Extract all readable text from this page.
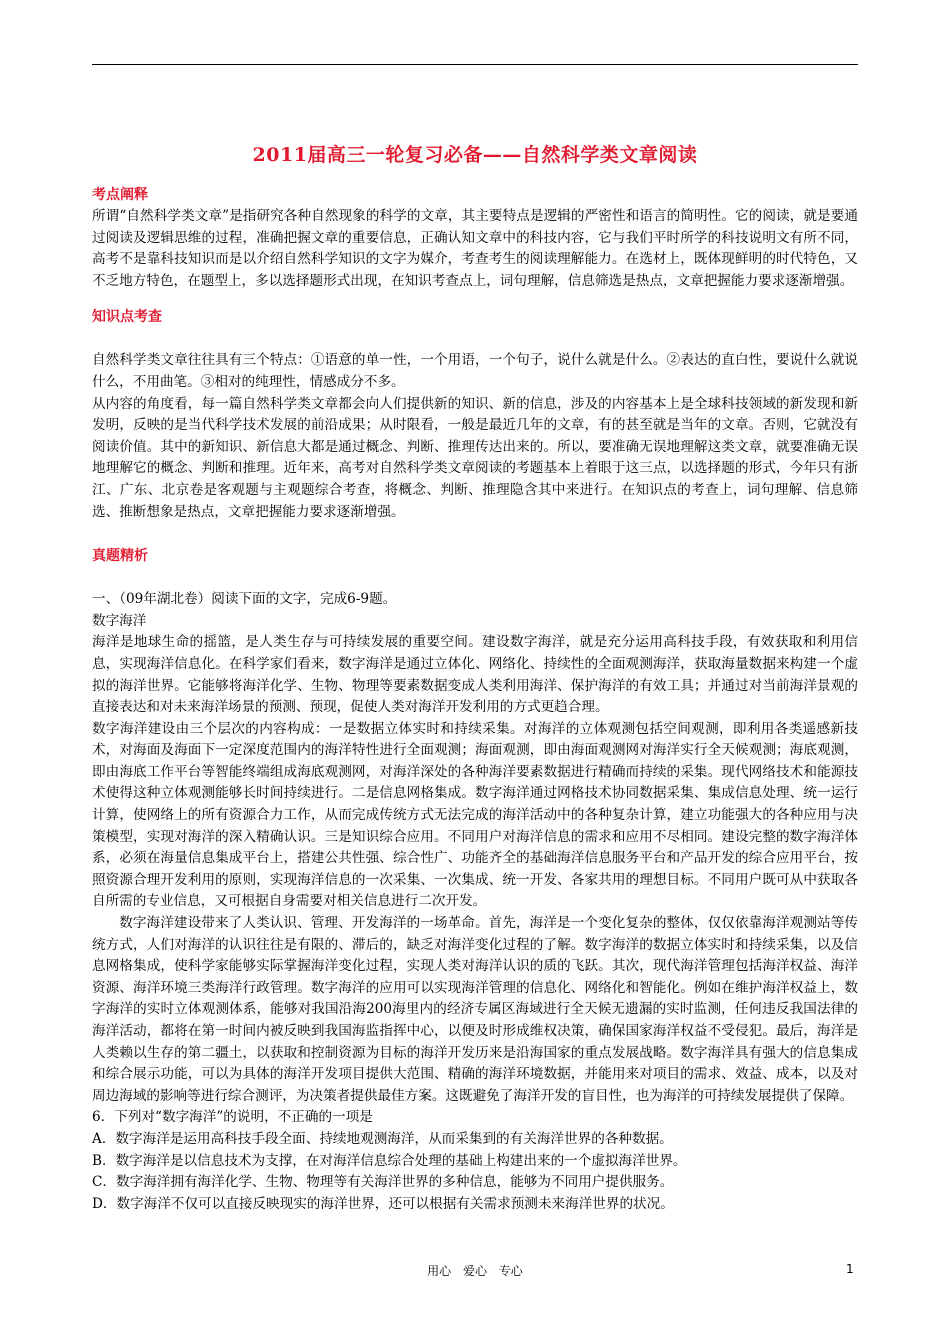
2011届高三一轮复习必备——自然科学类文章阅读
考点阐释

所谓“自然科学类文章”是指研究各种自然现象的科学的文章，其主要特点是逻辑的严密性和语言的简明性。它的阅读，就是要通过阅读及逻辑思维的过程，准确把握文章的重要信息，正确认知文章中的科技内容，它与我们平时所学的科技说明文有所不同，高考不是靠科技知识而是以介绍自然科学知识的文字为媒介，考查考生的阅读理解能力。在选材上，既体现鲜明的时代特色，又不乏地方特色，在题型上，多以选择题形式出现，在知识考查点上，词句理解，信息筛选是热点，文章把握能力要求逐渐增强。

知识点考查

自然科学类文章往往具有三个特点：①语意的单一性，一个用语，一个句子，说什么就是什么。②表达的直白性，要说什么就说什么，不用曲笔。③相对的纯理性，情感成分不多。

从内容的角度看，每一篇自然科学类文章都会向人们提供新的知识、新的信息，涉及的内容基本上是全球科技领域的新发现和新发明，反映的是当代科学技术发展的前沿成果；从时限看，一般是最近几年的文章，有的甚至就是当年的文章。否则，它就没有阅读价值。其中的新知识、新信息大都是通过概念、判断、推理传达出来的。所以，要准确无误地理解这类文章，就要准确无误地理解它的概念、判断和推理。近年来，高考对自然科学类文章阅读的考题基本上着眼于这三点，以选择题的形式，今年只有浙江、广东、北京卷是客观题与主观题综合考查，将概念、判断、推理隐含其中来进行。在知识点的考查上，词句理解、信息筛选、推断想象是热点，文章把握能力要求逐渐增强。

真题精析

一、（09年湖北卷）阅读下面的文字，完成6-9题。

数字海洋

海洋是地球生命的摇篮，是人类生存与可持续发展的重要空间。建设数字海洋，就是充分运用高科技手段，有效获取和利用信息，实现海洋信息化。在科学家们看来，数字海洋是通过立体化、网络化、持续性的全面观测海洋，获取海量数据来构建一个虚拟的海洋世界。它能够将海洋化学、生物、物理等要素数据变成人类利用海洋、保护海洋的有效工具；并通过对当前海洋景观的直接表达和对未来海洋场景的预测、预现，促使人类对海洋开发利用的方式更趋合理。

数字海洋建设由三个层次的内容构成：一是数据立体实时和持续采集。对海洋的立体观测包括空间观测，即利用各类遥感新技术，对海面及海面下一定深度范围内的海洋特性进行全面观测；海面观测，即由海面观测网对海洋实行全天候观测；海底观测，即由海底工作平台等智能终端组成海底观测网，对海洋深处的各种海洋要素数据进行精确而持续的采集。现代网络技术和能源技术使得这种立体观测能够长时间持续进行。二是信息网格集成。数字海洋通过网格技术协同数据采集、集成信息处理、统一运行计算，使网络上的所有资源合力工作，从而完成传统方式无法完成的海洋活动中的各种复杂计算，建立功能强大的各种应用与决策模型，实现对海洋的深入精确认识。三是知识综合应用。不同用户对海洋信息的需求和应用不尽相同。建设完整的数字海洋体系，必须在海量信息集成平台上，搭建公共性强、综合性广、功能齐全的基础海洋信息服务平台和产品开发的综合应用平台，按照资源合理开发利用的原则，实现海洋信息的一次采集、一次集成、统一开发、各家共用的理想目标。不同用户既可从中获取各自所需的专业信息，又可根据自身需要对相关信息进行二次开发。

数字海洋建设带来了人类认识、管理、开发海洋的一场革命。首先，海洋是一个变化复杂的整体，仅仅依靠海洋观测站等传统方式，人们对海洋的认识往往是有限的、滞后的，缺乏对海洋变化过程的了解。数字海洋的数据立体实时和持续采集，以及信息网格集成，使科学家能够实际掌握海洋变化过程，实现人类对海洋认识的质的飞跃。其次，现代海洋管理包括海洋权益、海洋资源、海洋环境三类海洋行政管理。数字海洋的应用可以实现海洋管理的信息化、网络化和智能化。例如在维护海洋权益上，数字海洋的实时立体观测体系，能够对我国沿海200海里内的经济专属区海域进行全天候无遗漏的实时监测，任何违反我国法律的海洋活动，都将在第一时间内被反映到我国海监指挥中心，以便及时形成维权决策，确保国家海洋权益不受侵犯。最后，海洋是人类赖以生存的第二疆土，以获取和控制资源为目标的海洋开发历来是沿海国家的重点发展战略。数字海洋具有强大的信息集成和综合展示功能，可以为具体的海洋开发项目提供大范围、精确的海洋环境数据，并能用来对项目的需求、效益、成本，以及对周边海域的影响等进行综合测评，为决策者提供最佳方案。这既避免了海洋开发的盲目性，也为海洋的可持续发展提供了保障。

6．下列对“数字海洋”的说明，不正确的一项是

A．数字海洋是运用高科技手段全面、持续地观测海洋，从而采集到的有关海洋世界的各种数据。

B．数字海洋是以信息技术为支撑，在对海洋信息综合处理的基础上构建出来的一个虚拟海洋世界。

C．数字海洋拥有海洋化学、生物、物理等有关海洋世界的多种信息，能够为不同用户提供服务。

D．数字海洋不仅可以直接反映现实的海洋世界，还可以根据有关需求预测未来海洋世界的状况。

用心 爱心 专心	1
